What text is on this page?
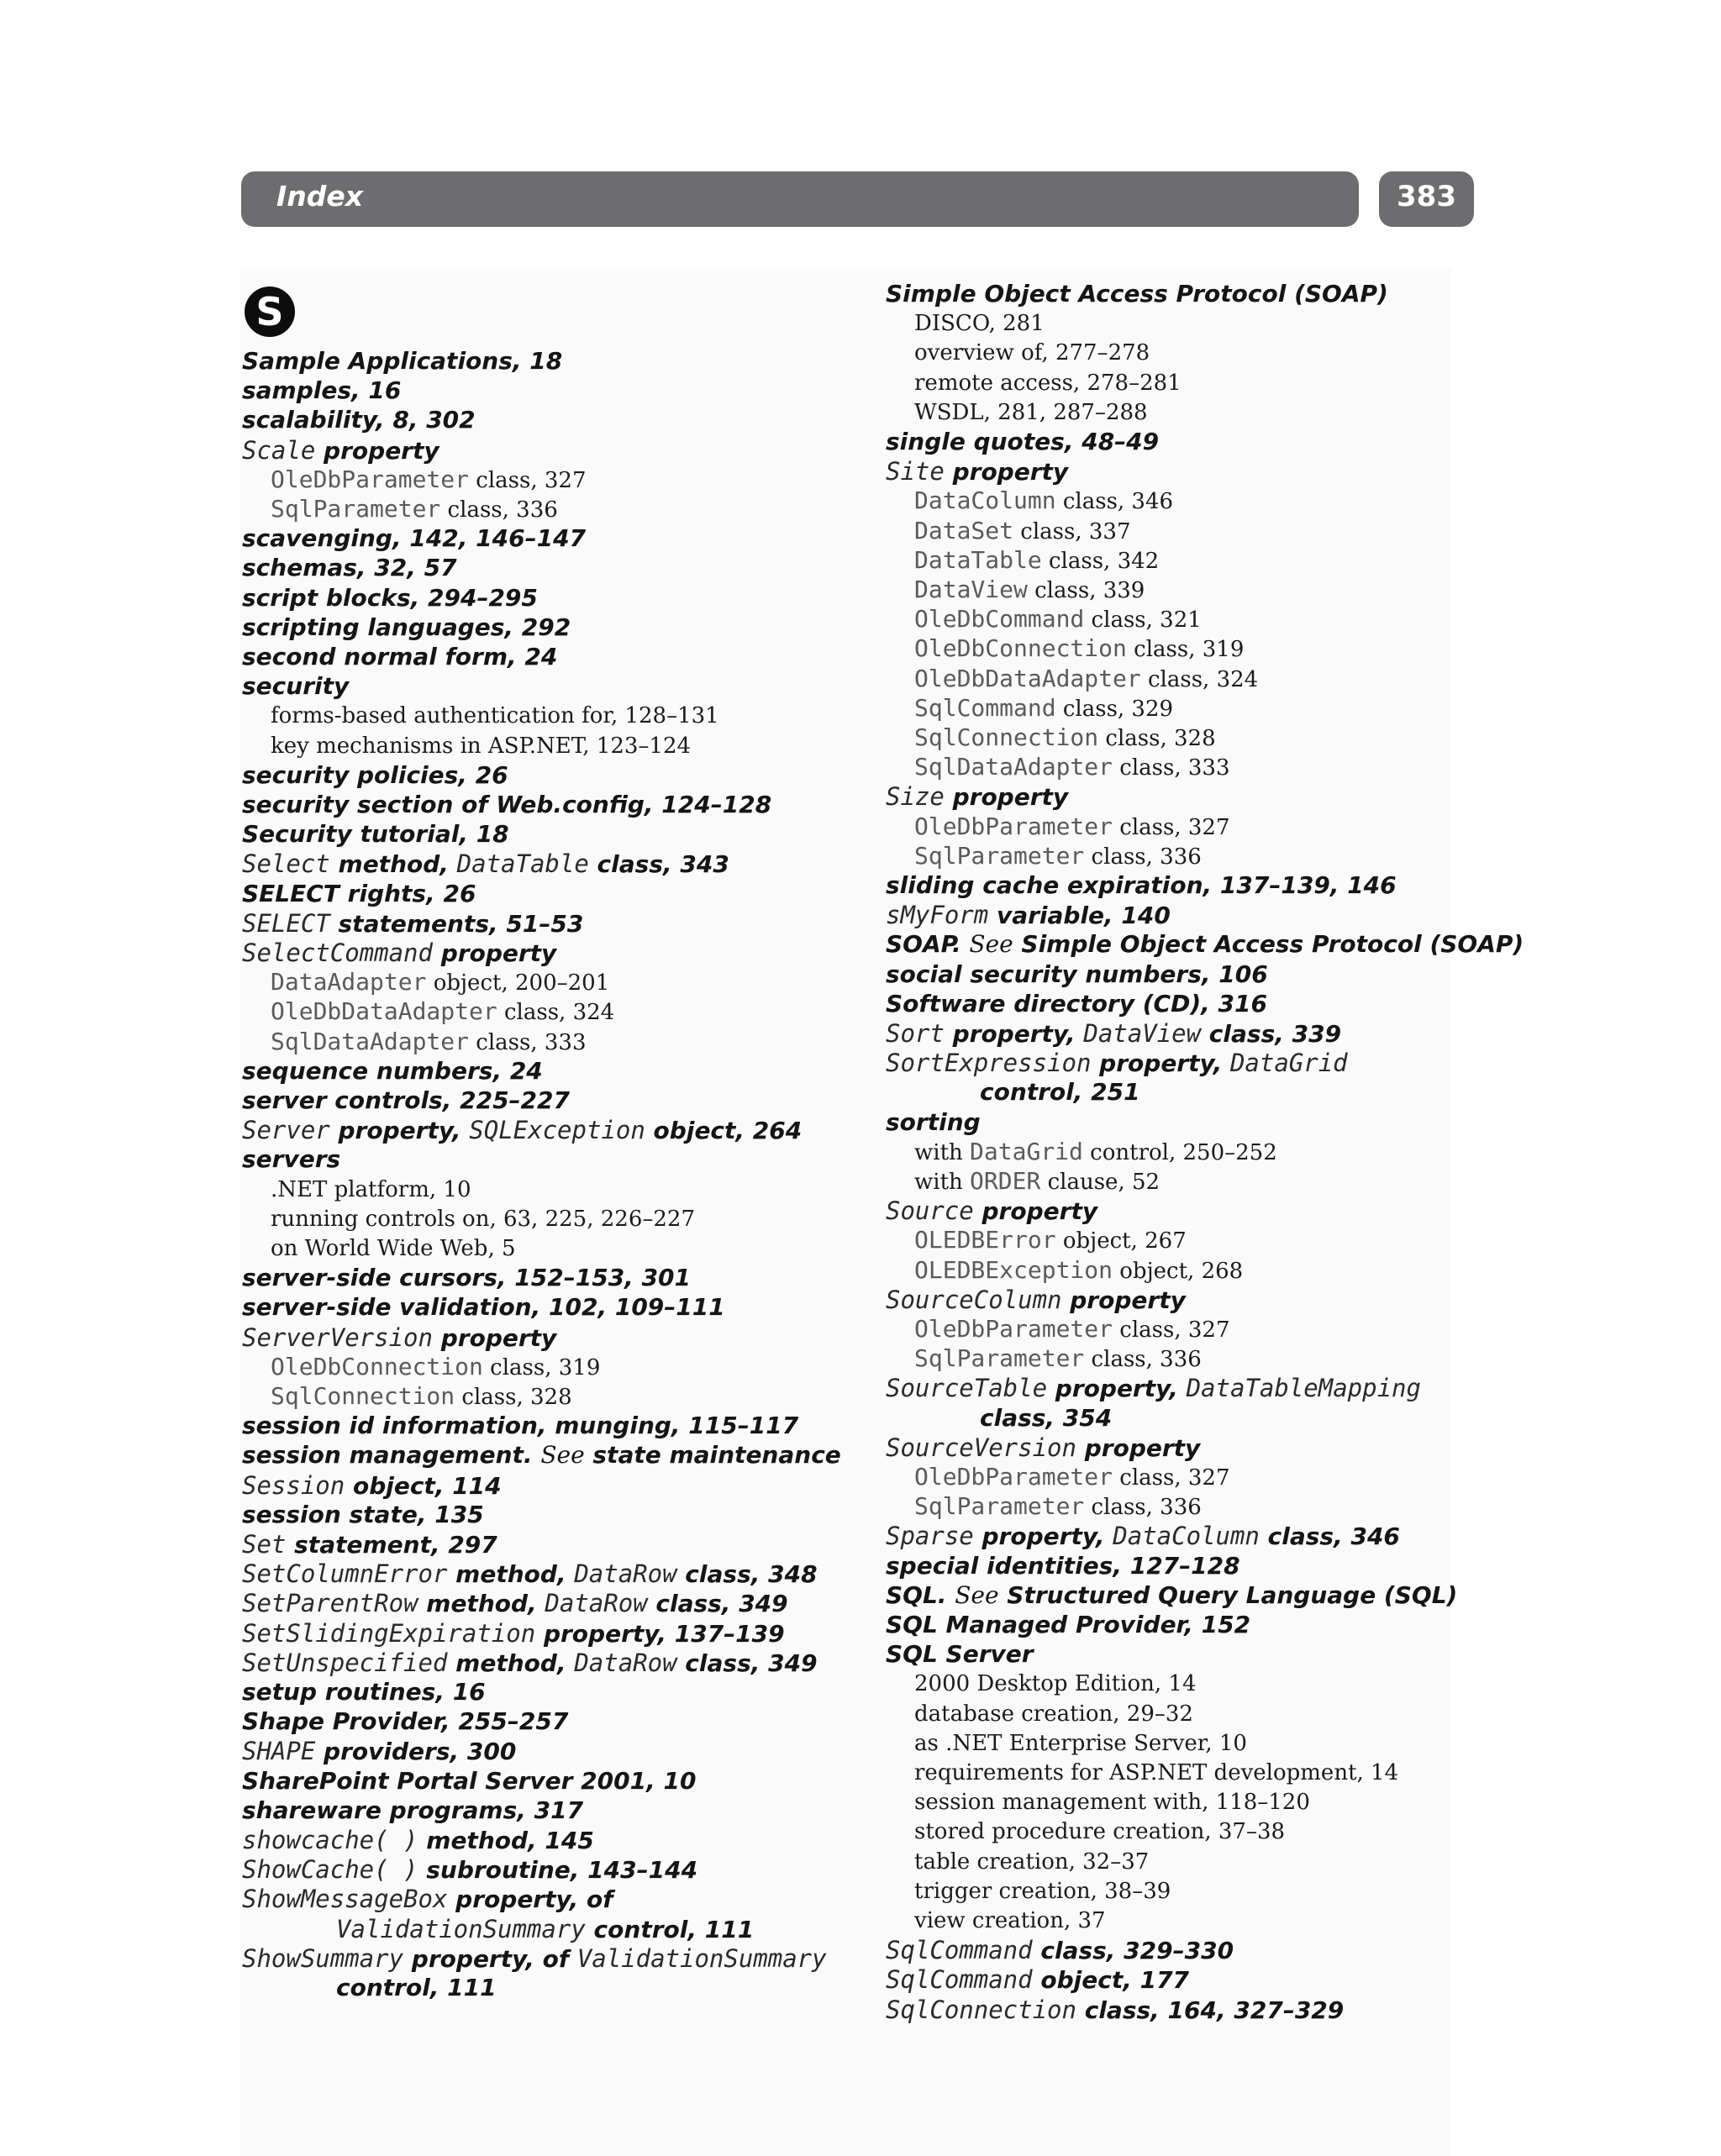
Index	383
S
Sample Applications, 18
samples, 16
scalability, 8, 302
Scale property
OleDbParameter class, 327
SqlParameter class, 336
scavenging, 142, 146–147
schemas, 32, 57
script blocks, 294–295
scripting languages, 292
second normal form, 24
security
forms-based authentication for, 128–131
key mechanisms in ASP.NET, 123–124
security policies, 26
security section of Web.config, 124–128
Security tutorial, 18
Select method, DataTable class, 343
SELECT rights, 26
SELECT statements, 51–53
SelectCommand property
DataAdapter object, 200–201
OleDbDataAdapter class, 324
SqlDataAdapter class, 333
sequence numbers, 24
server controls, 225–227
Server property, SQLException object, 264
servers
.NET platform, 10
running controls on, 63, 225, 226–227
on World Wide Web, 5
server-side cursors, 152–153, 301
server-side validation, 102, 109–111
ServerVersion property
OleDbConnection class, 319
SqlConnection class, 328
session id information, munging, 115–117
session management. See state maintenance
Session object, 114
session state, 135
Set statement, 297
SetColumnError method, DataRow class, 348
SetParentRow method, DataRow class, 349
SetSlidingExpiration property, 137–139
SetUnspecified method, DataRow class, 349
setup routines, 16
Shape Provider, 255–257
SHAPE providers, 300
SharePoint Portal Server 2001, 10
shareware programs, 317
showcache( ) method, 145
ShowCache( ) subroutine, 143–144
ShowMessageBox property, of
ValidationSummary control, 111
ShowSummary property, of ValidationSummary
control, 111
Simple Object Access Protocol (SOAP)
DISCO, 281
overview of, 277–278
remote access, 278–281
WSDL, 281, 287–288
single quotes, 48–49
Site property
DataColumn class, 346
DataSet class, 337
DataTable class, 342
DataView class, 339
OleDbCommand class, 321
OleDbConnection class, 319
OleDbDataAdapter class, 324
SqlCommand class, 329
SqlConnection class, 328
SqlDataAdapter class, 333
Size property
OleDbParameter class, 327
SqlParameter class, 336
sliding cache expiration, 137–139, 146
sMyForm variable, 140
SOAP. See Simple Object Access Protocol (SOAP)
social security numbers, 106
Software directory (CD), 316
Sort property, DataView class, 339
SortExpression property, DataGrid
control, 251
sorting
with DataGrid control, 250–252
with ORDER clause, 52
Source property
OLEDBError object, 267
OLEDBException object, 268
SourceColumn property
OleDbParameter class, 327
SqlParameter class, 336
SourceTable property, DataTableMapping
class, 354
SourceVersion property
OleDbParameter class, 327
SqlParameter class, 336
Sparse property, DataColumn class, 346
special identities, 127–128
SQL. See Structured Query Language (SQL)
SQL Managed Provider, 152
SQL Server
2000 Desktop Edition, 14
database creation, 29–32
as .NET Enterprise Server, 10
requirements for ASP.NET development, 14
session management with, 118–120
stored procedure creation, 37–38
table creation, 32–37
trigger creation, 38–39
view creation, 37
SqlCommand class, 329–330
SqlCommand object, 177
SqlConnection class, 164, 327–329
